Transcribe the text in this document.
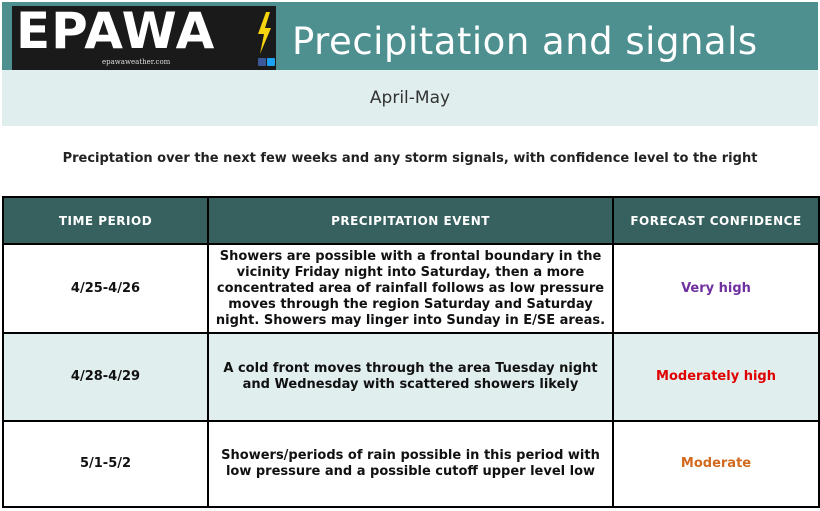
EPAWA
epawaweather.com	Precipitation and signals
April-May
Preciptation over the next few weeks and any storm signals, with confidence level to the right
TIME PERIOD	PRECIPITATION EVENT	FORECAST CONFIDENCE
4/25-4/26	Showers are possible with a frontal boundary in the vicinity Friday night into Saturday, then a more concentrated area of rainfall follows as low pressure moves through the region Saturday and Saturday night. Showers may linger into Sunday in E/SE areas.	Very high
4/28-4/29	A cold front moves through the area Tuesday night and Wednesday with scattered showers likely	Moderately high
5/1-5/2	Showers/periods of rain possible in this period with low pressure and a possible cutoff upper level low	Moderate
